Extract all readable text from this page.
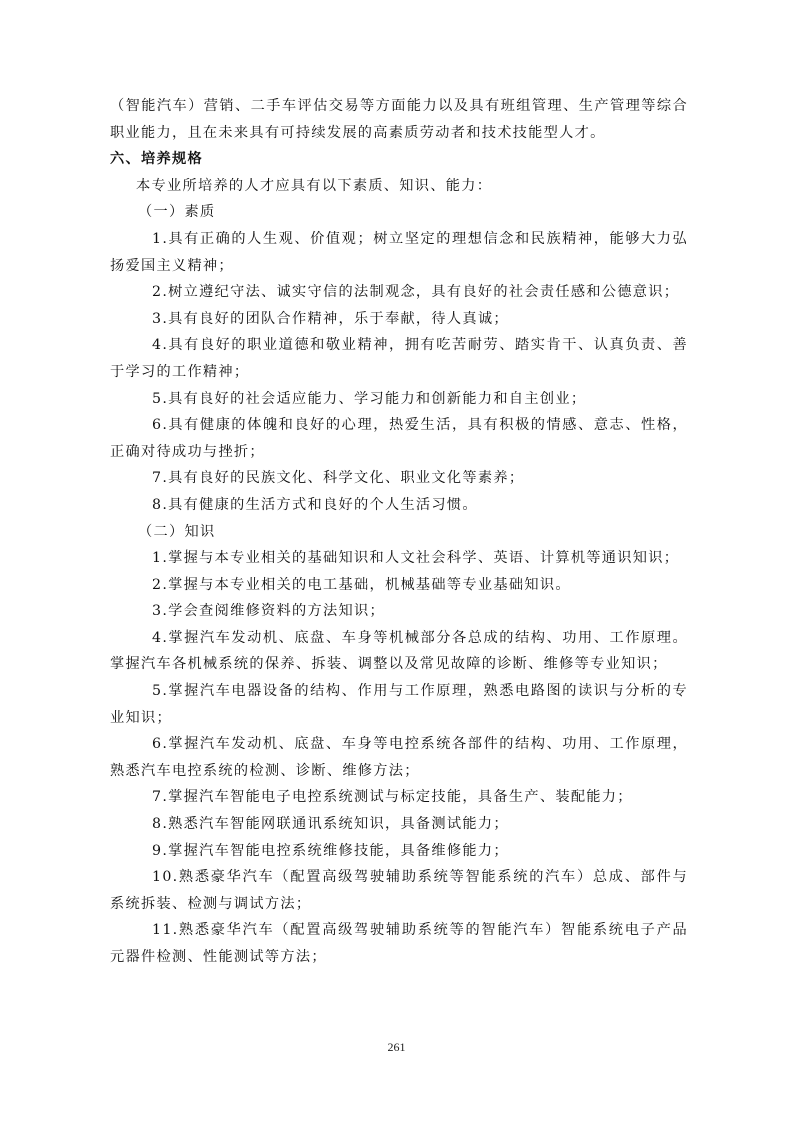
（智能汽车）营销、二手车评估交易等方面能力以及具有班组管理、生产管理等综合职业能力，且在未来具有可持续发展的高素质劳动者和技术技能型人才。

六、培养规格

本专业所培养的人才应具有以下素质、知识、能力：

（一）素质

1.具有正确的人生观、价值观；树立坚定的理想信念和民族精神，能够大力弘扬爱国主义精神；

2.树立遵纪守法、诚实守信的法制观念，具有良好的社会责任感和公德意识；

3.具有良好的团队合作精神，乐于奉献，待人真诚；

4.具有良好的职业道德和敬业精神，拥有吃苦耐劳、踏实肯干、认真负责、善于学习的工作精神；

5.具有良好的社会适应能力、学习能力和创新能力和自主创业；

6.具有健康的体魄和良好的心理，热爱生活，具有积极的情感、意志、性格，正确对待成功与挫折；

7.具有良好的民族文化、科学文化、职业文化等素养；

8.具有健康的生活方式和良好的个人生活习惯。

（二）知识

1.掌握与本专业相关的基础知识和人文社会科学、英语、计算机等通识知识；

2.掌握与本专业相关的电工基础，机械基础等专业基础知识。

3.学会查阅维修资料的方法知识；

4.掌握汽车发动机、底盘、车身等机械部分各总成的结构、功用、工作原理。掌握汽车各机械系统的保养、拆装、调整以及常见故障的诊断、维修等专业知识；

5.掌握汽车电器设备的结构、作用与工作原理，熟悉电路图的读识与分析的专业知识；

6.掌握汽车发动机、底盘、车身等电控系统各部件的结构、功用、工作原理，熟悉汽车电控系统的检测、诊断、维修方法；

7.掌握汽车智能电子电控系统测试与标定技能，具备生产、装配能力；

8.熟悉汽车智能网联通讯系统知识，具备测试能力；

9.掌握汽车智能电控系统维修技能，具备维修能力；

10.熟悉豪华汽车（配置高级驾驶辅助系统等智能系统的汽车）总成、部件与系统拆装、检测与调试方法；

11.熟悉豪华汽车（配置高级驾驶辅助系统等的智能汽车）智能系统电子产品元器件检测、性能测试等方法；

261
